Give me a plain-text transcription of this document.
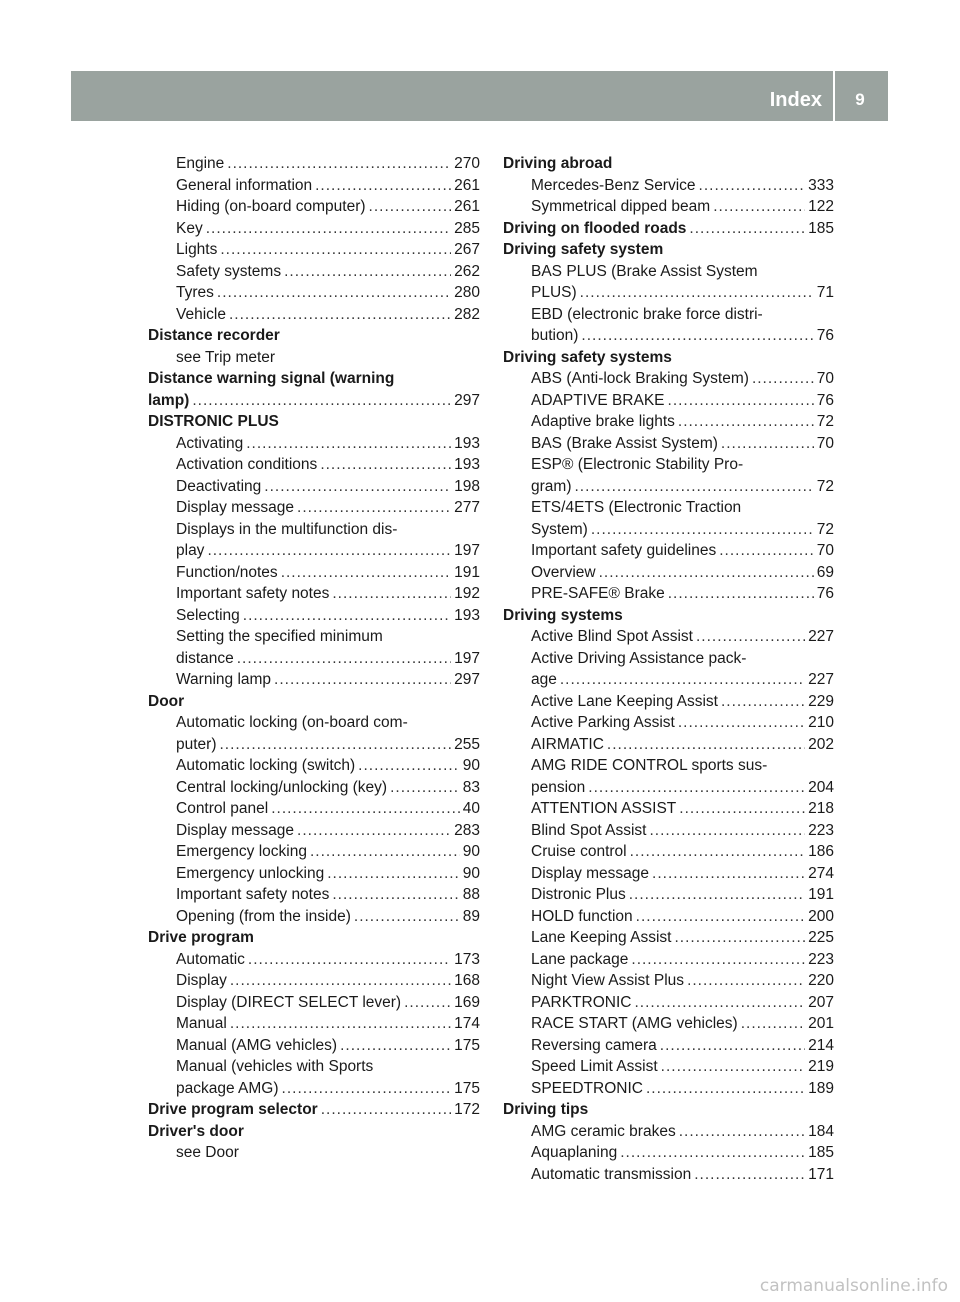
Index	9
Engine .....	270
General information .....	261
Hiding (on-board computer) .....	261
Key .....	285
Lights .....	267
Safety systems .....	262
Tyres .....	280
Vehicle .....	282
Distance recorder
see Trip meter
Distance warning signal (warning
lamp) .....	297
DISTRONIC PLUS
Activating .....	193
Activation conditions .....	193
Deactivating .....	198
Display message .....	277
Displays in the multifunction dis-
play .....	197
Function/notes .....	191
Important safety notes .....	192
Selecting .....	193
Setting the specified minimum
distance .....	197
Warning lamp .....	297
Door
Automatic locking (on-board com-
puter) .....	255
Automatic locking (switch) .....	90
Central locking/unlocking (key) .....	83
Control panel .....	40
Display message .....	283
Emergency locking .....	90
Emergency unlocking .....	90
Important safety notes .....	88
Opening (from the inside) .....	89
Drive program
Automatic .....	173
Display .....	168
Display (DIRECT SELECT lever) .....	169
Manual .....	174
Manual (AMG vehicles) .....	175
Manual (vehicles with Sports
package AMG) .....	175
Drive program selector .....	172
Driver's door
see Door
Driving abroad
Mercedes-Benz Service .....	333
Symmetrical dipped beam .....	122
Driving on flooded roads .....	185
Driving safety system
BAS PLUS (Brake Assist System
PLUS) .....	71
EBD (electronic brake force distri-
bution) .....	76
Driving safety systems
ABS (Anti-lock Braking System) .....	70
ADAPTIVE BRAKE .....	76
Adaptive brake lights .....	72
BAS (Brake Assist System) .....	70
ESP® (Electronic Stability Pro-
gram) .....	72
ETS/4ETS (Electronic Traction
System) .....	72
Important safety guidelines .....	70
Overview .....	69
PRE-SAFE® Brake .....	76
Driving systems
Active Blind Spot Assist .....	227
Active Driving Assistance pack-
age .....	227
Active Lane Keeping Assist .....	229
Active Parking Assist .....	210
AIRMATIC .....	202
AMG RIDE CONTROL sports sus-
pension .....	204
ATTENTION ASSIST .....	218
Blind Spot Assist .....	223
Cruise control .....	186
Display message .....	274
Distronic Plus .....	191
HOLD function .....	200
Lane Keeping Assist .....	225
Lane package .....	223
Night View Assist Plus .....	220
PARKTRONIC .....	207
RACE START (AMG vehicles) .....	201
Reversing camera .....	214
Speed Limit Assist .....	219
SPEEDTRONIC .....	189
Driving tips
AMG ceramic brakes .....	184
Aquaplaning .....	185
Automatic transmission .....	171
carmanualsonline.info
